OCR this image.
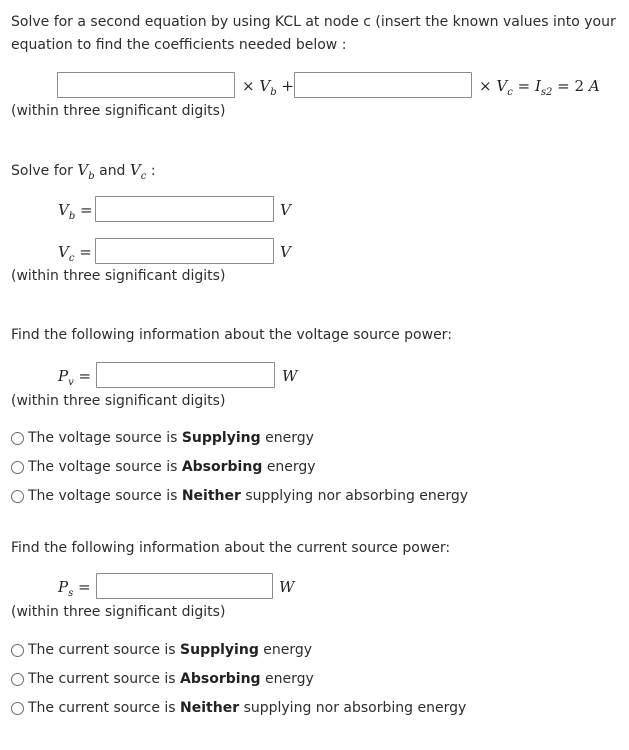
Solve for a second equation by using KCL at node c (insert the known values into your
equation to find the coefficients needed below :
× $V_b$ +	× $V_c = I_{s2} = 2$ A
(within three significant digits)
Solve for $V_b$ and $V_c$ :
$V_b$ =	V
$V_c$ =	V
(within three significant digits)
Find the following information about the voltage source power:
$P_v$ =	W
(within three significant digits)
The voltage source is
Supplying
energy
The voltage source is
Absorbing
energy
The voltage source is
Neither
supplying nor absorbing energy
Find the following information about the current source power:
$P_s$ =	W
(within three significant digits)
The current source is
Supplying
energy
The current source is
Absorbing
energy
The current source is
Neither
supplying nor absorbing energy
